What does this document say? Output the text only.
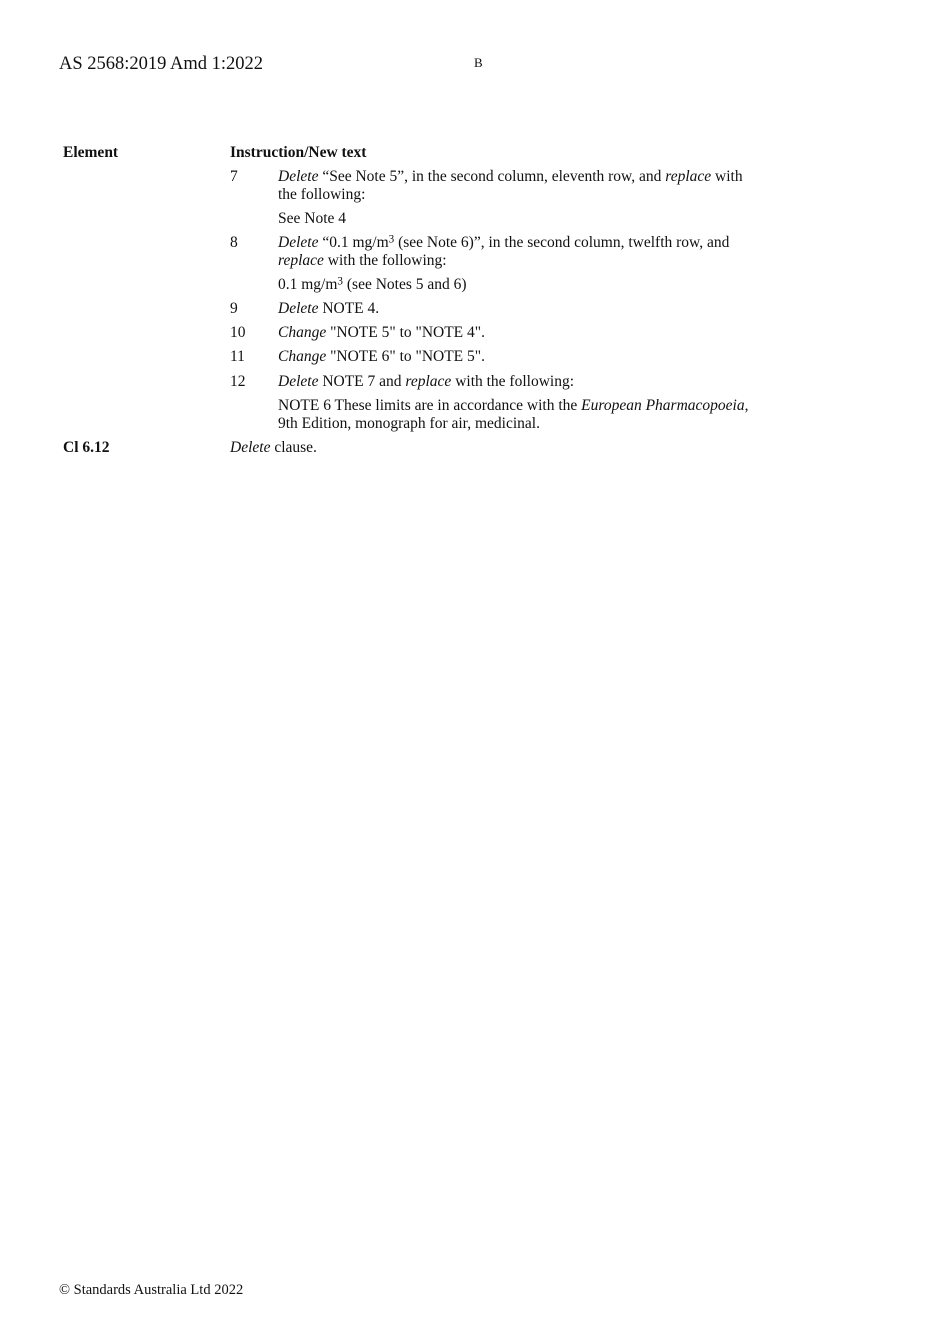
AS 2568:2019 Amd 1:2022	B
Element	Instruction/New text
7	Delete “See Note 5”, in the second column, eleventh row, and replace with
the following:
See Note 4
8	Delete “0.1 $mg/m^3$ (see Note 6)”, in the second column, twelfth row, and
replace with the following:
0.1 $mg/m^3$ (see Notes 5 and 6)
9	Delete NOTE 4.
10 Change "NOTE 5" to "NOTE 4".
11 Change "NOTE 6" to "NOTE 5".
12 Delete NOTE 7 and replace with the following:
NOTE 6 These limits are in accordance with the European Pharmacopoeia,
9th Edition, monograph for air, medicinal.
Cl 6.12	Delete clause.
© Standards Australia Ltd 2022
